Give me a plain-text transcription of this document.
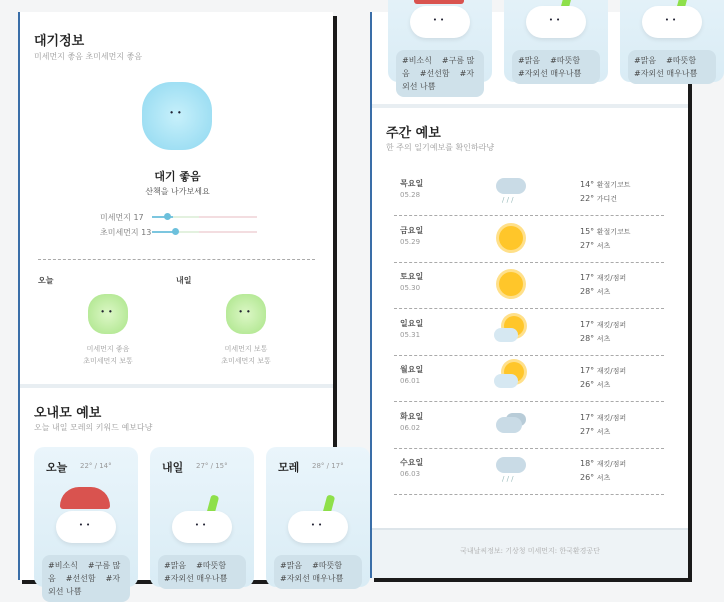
대기정보
미세먼지 좋음 초미세먼지 좋음
••
대기 좋음
산책을 나가보세요
미세먼지 17
초미세먼지 13
오늘	내일
••	••
미세먼지 좋음
초미세먼지 보통
미세먼지 보통
초미세먼지 보통
오내모 예보
오늘 내일 모레의 키워드 예보다냥
오늘 22° / 14°
••
#비소식 #구름 많음 #선선함 #자외선 나쁨
내일 27° / 15°
••
#맑음 #따뜻함#자외선 매우나쁨
모레 28° / 17°
••
#맑음 #따뜻함#자외선 매우나쁨
••
#비소식 #구름 많음 #선선함 #자외선 나쁨
••
#맑음 #따뜻함#자외선 매우나쁨
••
#맑음 #따뜻함#자외선 매우나쁨
주간 예보
한 주의 일기예보를 확인하라냥
목요일
05.28
/ / /
14° 환절기코트
22° 가디건
금요일
05.29
15° 환절기코트
27° 셔츠
토요일
05.30
17° 재킷/점퍼
28° 셔츠
일요일
05.31
17° 재킷/점퍼
28° 셔츠
월요일
06.01
17° 재킷/점퍼
26° 셔츠
화요일
06.02
17° 재킷/점퍼
27° 셔츠
수요일
06.03
/ / /
18° 재킷/점퍼
26° 셔츠
국내날씨정보: 기상청 미세먼지: 한국환경공단
